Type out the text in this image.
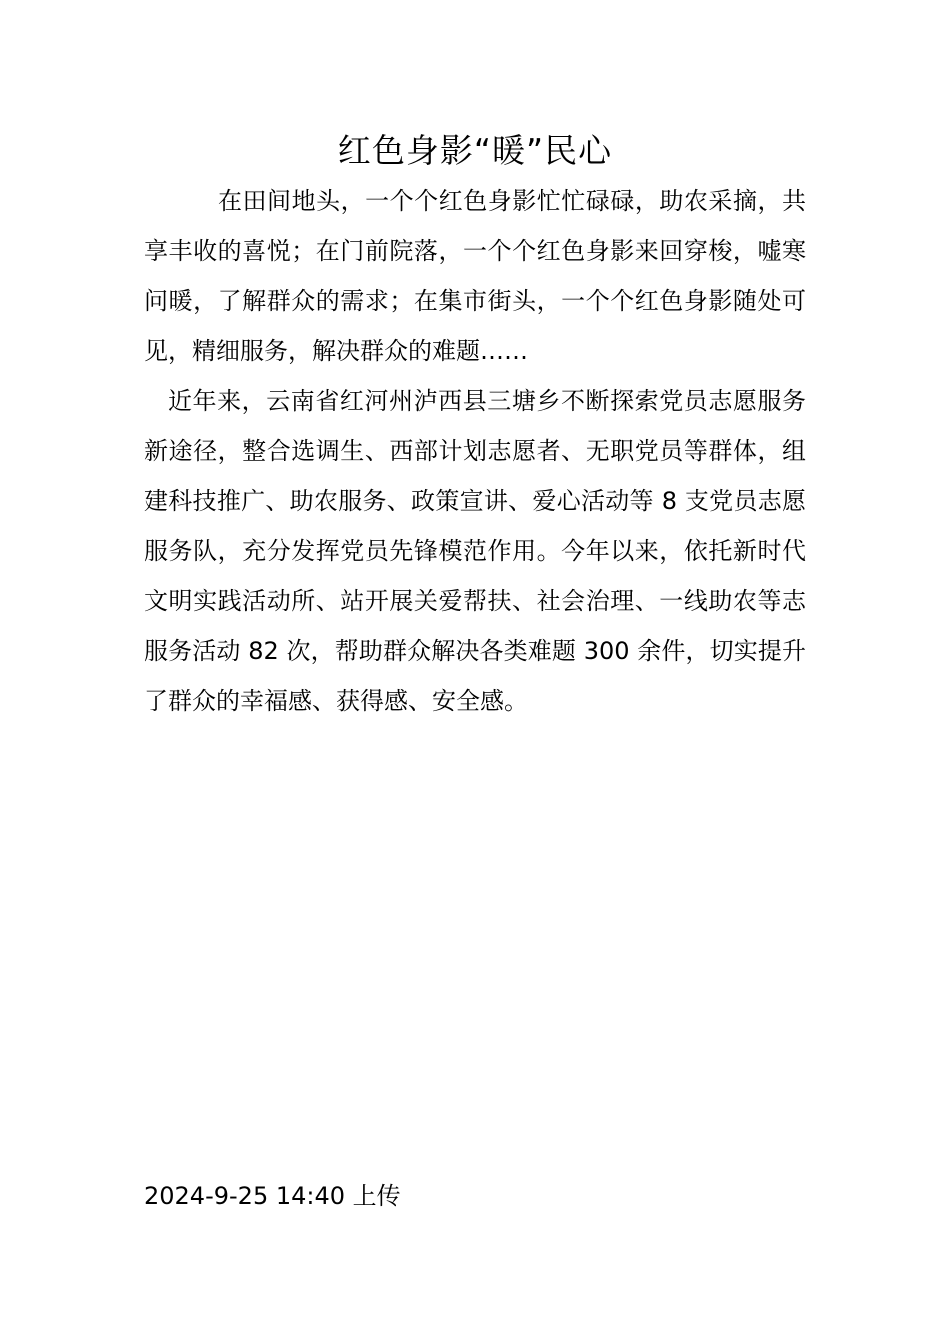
红色身影“暖”民心

在田间地头，一个个红色身影忙忙碌碌，助农采摘，共享丰收的喜悦；在门前院落，一个个红色身影来回穿梭，嘘寒问暖，了解群众的需求；在集市街头，一个个红色身影随处可见，精细服务，解决群众的难题……

近年来，云南省红河州泸西县三塘乡不断探索党员志愿服务新途径，整合选调生、西部计划志愿者、无职党员等群体，组建科技推广、助农服务、政策宣讲、爱心活动等 8 支党员志愿服务队，充分发挥党员先锋模范作用。今年以来，依托新时代文明实践活动所、站开展关爱帮扶、社会治理、一线助农等志服务活动 82 次，帮助群众解决各类难题 300 余件，切实提升了群众的幸福感、获得感、安全感。

2024-9-25 14:40 上传
